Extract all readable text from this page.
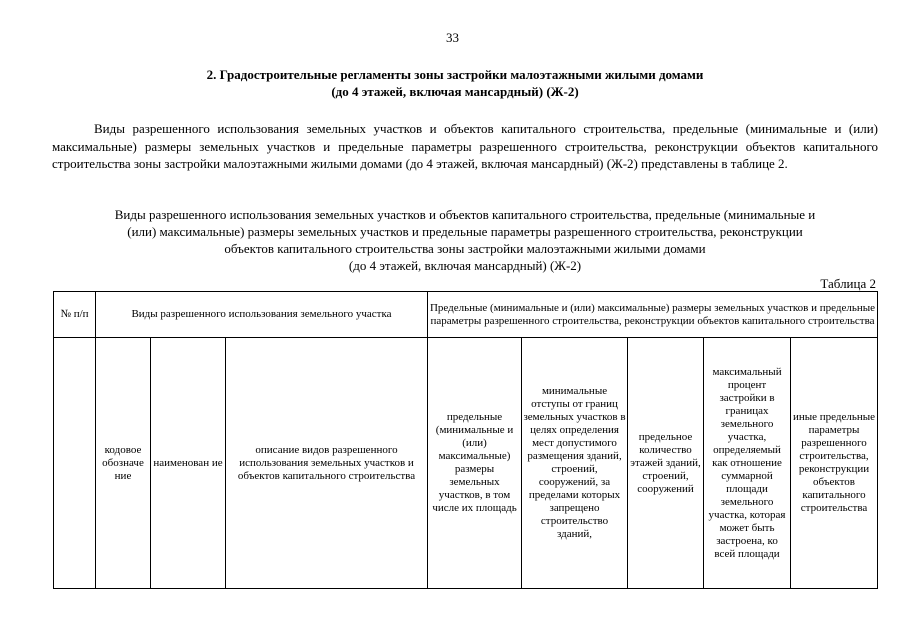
33
2. Градостроительные регламенты зоны застройки малоэтажными жилыми домами
(до 4 этажей, включая мансардный) (Ж-2)
Виды разрешенного использования земельных участков и объектов капитального строительства, предельные (минимальные и (или) максимальные) размеры земельных участков и предельные параметры разрешенного строительства, реконструкции объектов капитального строительства зоны застройки малоэтажными жилыми домами (до 4 этажей, включая мансардный) (Ж-2) представлены в таблице 2.
Виды разрешенного использования земельных участков и объектов капитального строительства, предельные (минимальные и
(или) максимальные) размеры земельных участков и предельные параметры разрешенного строительства, реконструкции
объектов капитального строительства зоны застройки малоэтажными жилыми домами
(до 4 этажей, включая мансардный) (Ж-2)
Таблица 2
№ п/п	Виды разрешенного использования земельного участка			Предельные (минимальные и (или) максимальные) размеры земельных участков и предельные параметры разрешенного строительства, реконструкции объектов капитального строительства				
	кодовое обозначе ние	наименован ие	описание видов разрешенного использования земельных участков и объектов капитального строительства	предельные (минимальные и (или) максимальные) размеры земельных участков, в том числе их площадь	минимальные отступы от границ земельных участков в целях определения мест допустимого размещения зданий, строений, сооружений, за пределами которых запрещено строительство зданий,	предельное количество этажей зданий, строений, сооружений	максимальный процент застройки в границах земельного участка, определяемый как отношение суммарной площади земельного участка, которая может быть застроена, ко всей площади	иные предельные параметры разрешенного строительства, реконструкции объектов капитального строительства
